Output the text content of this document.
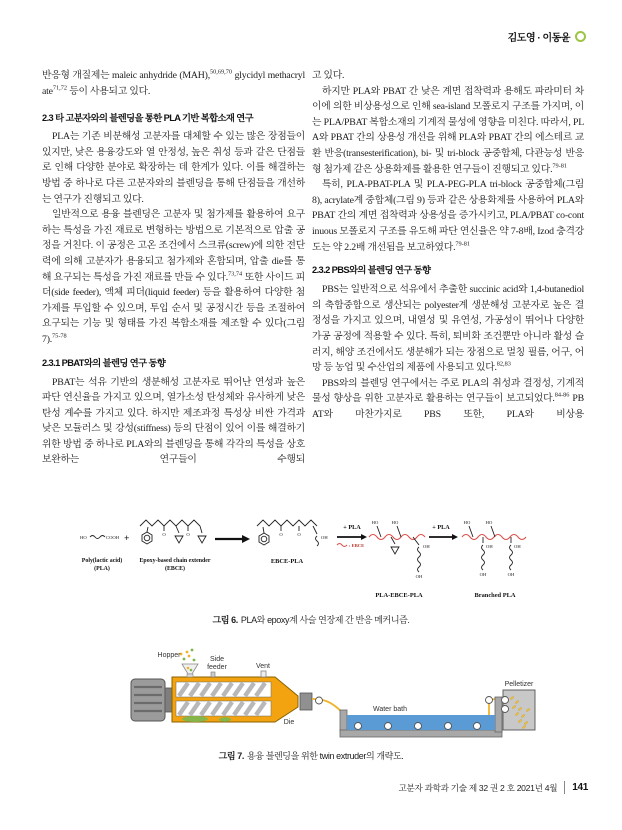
김도영 · 이동윤

반응형 개질제는 maleic anhydride (MAH),$^{50,69,70}$ glycidyl methacrylate$^{71,72}$ 등이 사용되고 있다.

2.3 타 고분자와의 블렌딩을 통한 PLA 기반 복합소재 연구

PLA는 기존 비분해성 고분자를 대체할 수 있는 많은 장점들이 있지만, 낮은 용융강도와 열 안정성, 높은 취성 등과 같은 단점들로 인해 다양한 분야로 확장하는 데 한계가 있다. 이를 해결하는 방법 중 하나로 다른 고분자와의 블렌딩을 통해 단점들을 개선하는 연구가 진행되고 있다.

일반적으로 용융 블렌딩은 고분자 및 첨가제를 활용하여 요구하는 특성을 가진 재료로 변형하는 방법으로 기본적으로 압출 공정을 거친다. 이 공정은 고온 조건에서 스크류(screw)에 의한 전단력에 의해 고분자가 용융되고 첨가제와 혼합되며, 압출 die를 통해 요구되는 특성을 가진 재료를 만들 수 있다.$^{73,74}$ 또한 사이드 피더(side feeder), 액체 피더(liquid feeder) 등을 활용하여 다양한 첨가제를 투입할 수 있으며, 투입 순서 및 공정시간 등을 조절하여 요구되는 기능 및 형태를 가진 복합소재를 제조할 수 있다(그림 7).$^{75-78}$

2.3.1 PBAT와의 블렌딩 연구 동향

PBAT는 석유 기반의 생분해성 고분자로 뛰어난 연성과 높은 파단 연신율을 가지고 있으며, 열가소성 탄성체와 유사하게 낮은 탄성 계수를 가지고 있다. 하지만 제조과정 특성상 비싼 가격과 낮은 모듈러스 및 강성(stiffness) 등의 단점이 있어 이를 해결하기 위한 방법 중 하나로 PLA와의 블렌딩을 통해 각각의 특성을 상호보완하는 연구들이 수행되

고 있다.

하지만 PLA와 PBAT 간 낮은 계면 접착력과 용해도 파라미터 차이에 의한 비상용성으로 인해 sea-island 모폴로지 구조를 가지며, 이는 PLA/PBAT 복합소재의 기계적 물성에 영향을 미친다. 따라서, PLA와 PBAT 간의 상용성 개선을 위해 PLA와 PBAT 간의 에스테르 교환 반응(transesterification), bi- 및 tri-block 공중합체, 다관능성 반응형 첨가제 같은 상용화제를 활용한 연구들이 진행되고 있다.$^{79-81}$

특히, PLA-PBAT-PLA 및 PLA-PEG-PLA tri-block 공중합체(그림 8), acrylate계 중합체(그림 9) 등과 같은 상용화제를 사용하여 PLA와 PBAT 간의 계면 접착력과 상용성을 증가시키고, PLA/PBAT co-continuous 모폴로지 구조를 유도해 파단 연신율은 약 7-8배, Izod 충격강도는 약 2.2배 개선됨을 보고하였다.$^{79-81}$

2.3.2 PBS와의 블렌딩 연구 동향

PBS는 일반적으로 석유에서 추출한 succinic acid와 1,4-butanediol의 축합중합으로 생산되는 polyester계 생분해성 고분자로 높은 결정성을 가지고 있으며, 내열성 및 유연성, 가공성이 뛰어나 다양한 가공 공정에 적용할 수 있다. 특히, 퇴비화 조건뿐만 아니라 활성 슬러지, 해양 조건에서도 생분해가 되는 장점으로 멀칭 필름, 어구, 어망 등 농업 및 수산업의 제품에 사용되고 있다.$^{82,83}$

PBS와의 블렌딩 연구에서는 주로 PLA의 취성과 결정성, 기계적 물성 향상을 위한 고분자로 활용하는 연구들이 보고되었다.$^{84-86}$ PBAT와 마찬가지로 PBS 또한, PLA와 비상용

HO	COOH
Poly(lactic acid)
(PLA)
+	O	O
Epoxy-based chain extender
(EBCE)
O	O
OH
EBCE-PLA
+ PLA
: EBCE
HO	HO
OH
OH
PLA-EBCE-PLA
+ PLA
HO	HO
OH
OH
OH
OH
Branched PLA
그림 6. PLA와 epoxy계 사슬 연장제 간 반응 메커니즘.
Hopper
Side
feeder	Vent
Die
Water bath
Pelletizer
그림 7. 용융 블렌딩을 위한 twin extruder의 개략도.
고분자 과학과 기술 제 32 권 2 호 2021년 4월 141
